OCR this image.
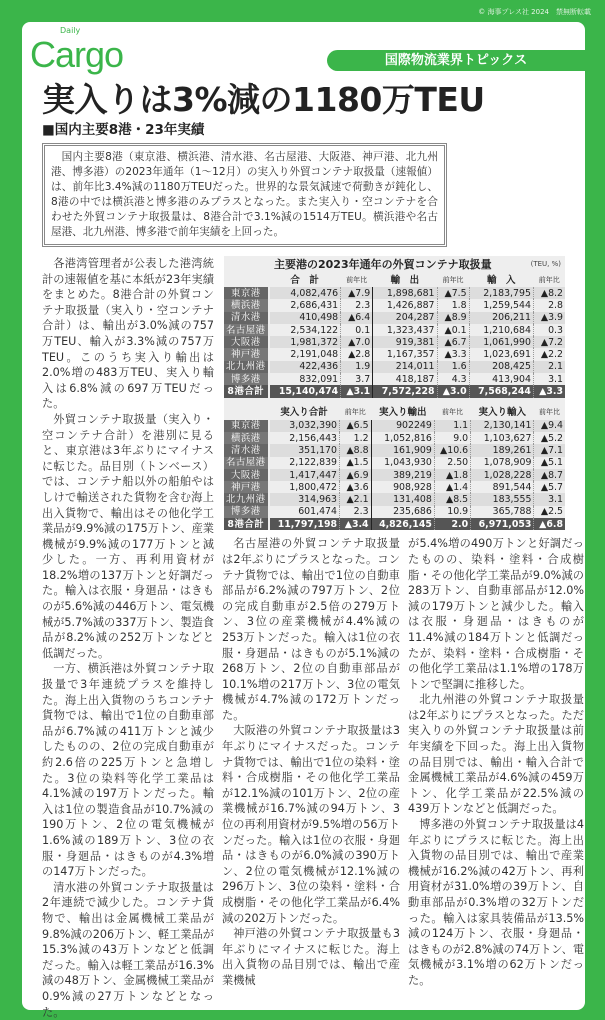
© 海事プレス社 2024　禁無断転載
Daily
Cargo	国際物流業界トピックス
実入りは3%減の1180万TEU
■国内主要8港・23年実績
国内主要8港（東京港、横浜港、清水港、名古屋港、大阪港、神戸港、北九州港、博多港）の2023年通年（1～12月）の実入り外貿コンテナ取扱量（速報値）は、前年比3.4%減の1180万TEUだった。世界的な景気減速で荷動きが鈍化し、8港の中では横浜港と博多港のみプラスとなった。また実入り・空コンテナを合わせた外貿コンテナ取扱量は、8港合計で3.1%減の1514万TEU。横浜港や名古屋港、北九州港、博多港で前年実績を上回った。

各港湾管理者が公表した港湾統計の速報値を基に本紙が23年実績をまとめた。8港合計の外貿コンテナ取扱量（実入り・空コンテナ合計）は、輸出が3.0%減の757万TEU、輸入が3.3%減の757万TEU。このうち実入り輸出は2.0%増の483万TEU、実入り輸入は6.8%減の697万TEUだった。

外貿コンテナ取扱量（実入り・空コンテナ合計）を港別に見ると、東京港は3年ぶりにマイナスに転じた。品目別（トンベース）では、コンテナ船以外の船舶やはしけで輸送された貨物を含む海上出入貨物で、輸出はその他化学工業品が9.9%減の175万トン、産業機械が9.9%減の177万トンと減少した。一方、再利用資材が18.2%増の137万トンと好調だった。輸入は衣服・身廻品・はきものが5.6%減の446万トン、電気機械が5.7%減の337万トン、製造食品が8.2%減の252万トンなどと低調だった。

一方、横浜港は外貿コンテナ取扱量で3年連続プラスを維持した。海上出入貨物のうちコンテナ貨物では、輸出で1位の自動車部品が6.7%減の411万トンと減少したものの、2位の完成自動車が約2.6倍の225万トンと急増した。3位の染料等化学工業品は4.1%減の197万トンだった。輸入は1位の製造食品が10.7%減の190万トン、2位の電気機械が1.6%減の189万トン、3位の衣服・身廻品・はきものが4.3%増の147万トンだった。

清水港の外貿コンテナ取扱量は2年連続で減少した。コンテナ貨物で、輸出は金属機械工業品が9.8%減の206万トン、軽工業品が15.3%減の43万トンなどと低調だった。輸入は軽工業品が16.3%減の48万トン、金属機械工業品が0.9%減の27万トンなどとなった。

主要港の2023年通年の外貿コンテナ取扱量	(TEU, %)
	合　計	前年比	輸　出	前年比	輸　入	前年比
東京港	4,082,476	▲7.9	1,898,681	▲7.5	2,183,795	▲8.2
横浜港	2,686,431	2.3	1,426,887	1.8	1,259,544	2.8
清水港	410,498	▲6.4	204,287	▲8.9	206,211	▲3.9
名古屋港	2,534,122	0.1	1,323,437	▲0.1	1,210,684	0.3
大阪港	1,981,372	▲7.0	919,381	▲6.7	1,061,990	▲7.2
神戸港	2,191,048	▲2.8	1,167,357	▲3.3	1,023,691	▲2.2
北九州港	422,436	1.9	214,011	1.6	208,425	2.1
博多港	832,091	3.7	418,187	4.3	413,904	3.1
8港合計	15,140,474	▲3.1	7,572,228	▲3.0	7,568,244	▲3.3
	実入り合計	前年比	実入り輸出	前年比	実入り輸入	前年比
東京港	3,032,390	▲6.5	902249	1.1	2,130,141	▲9.4
横浜港	2,156,443	1.2	1,052,816	9.0	1,103,627	▲5.2
清水港	351,170	▲8.8	161,909	▲10.6	189,261	▲7.1
名古屋港	2,122,839	▲1.5	1,043,930	2.50	1,078,909	▲5.1
大阪港	1,417,447	▲6.9	389,219	▲1.8	1,028,228	▲8.7
神戸港	1,800,472	▲3.6	908,928	▲1.4	891,544	▲5.7
北九州港	314,963	▲2.1	131,408	▲8.5	183,555	3.1
博多港	601,474	2.3	235,686	10.9	365,788	▲2.5
8港合計	11,797,198	▲3.4	4,826,145	2.0	6,971,053	▲6.8

名古屋港の外貿コンテナ取扱量は2年ぶりにプラスとなった。コンテナ貨物では、輸出で1位の自動車部品が6.2%減の797万トン、2位の完成自動車が2.5倍の279万トン、3位の産業機械が4.4%減の253万トンだった。輸入は1位の衣服・身廻品・はきものが5.1%減の268万トン、2位の自動車部品が10.1%増の217万トン、3位の電気機械が4.7%減の172万トンだった。

大阪港の外貿コンテナ取扱量は3年ぶりにマイナスだった。コンテナ貨物では、輸出で1位の染料・塗料・合成樹脂・その他化学工業品が12.1%減の101万トン、2位の産業機械が16.7%減の94万トン、3位の再利用資材が9.5%増の56万トンだった。輸入は1位の衣服・身廻品・はきものが6.0%減の390万トン、2位の電気機械が12.1%減の296万トン、3位の染料・塗料・合成樹脂・その他化学工業品が6.4%減の202万トンだった。

神戸港の外貿コンテナ取扱量も3年ぶりにマイナスに転じた。海上出入貨物の品目別では、輸出で産業機械

が5.4%増の490万トンと好調だったものの、染料・塗料・合成樹脂・その他化学工業品が9.0%減の283万トン、自動車部品が12.0%減の179万トンと減少した。輸入は衣服・身廻品・はきものが11.4%減の184万トンと低調だったが、染料・塗料・合成樹脂・その他化学工業品は1.1%増の178万トンで堅調に推移した。

北九州港の外貿コンテナ取扱量は2年ぶりにプラスとなった。ただ実入りの外貿コンテナ取扱量は前年実績を下回った。海上出入貨物の品目別では、輸出・輸入合計で金属機械工業品が4.6%減の459万トン、化学工業品が22.5%減の439万トンなどと低調だった。

博多港の外貿コンテナ取扱量は4年ぶりにプラスに転じた。海上出入貨物の品目別では、輸出で産業機械が16.2%減の42万トン、再利用資材が31.0%増の39万トン、自動車部品が0.3%増の32万トンだった。輸入は家具装備品が13.5%減の124万トン、衣服・身廻品・はきものが2.8%減の74万トン、電気機械が3.1%増の62万トンだった。
